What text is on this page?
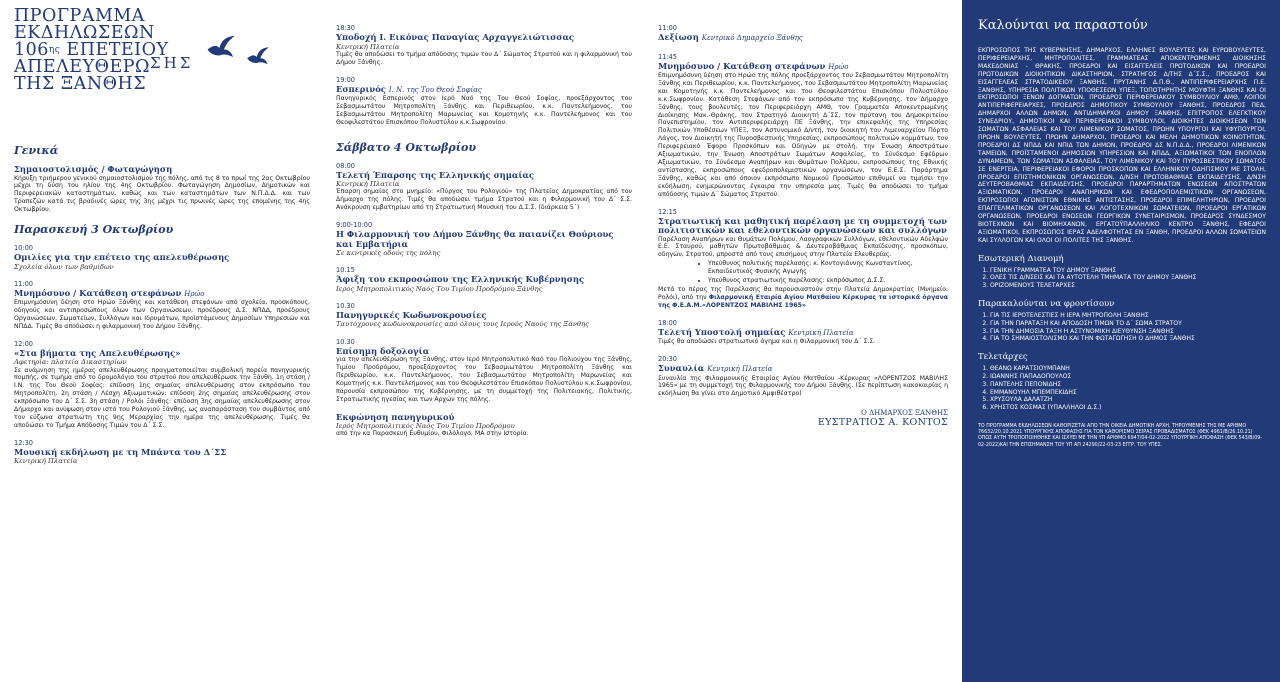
ΠΡΟΓΡΑΜΜΑ
ΕΚΔΗΛΩΣΕΩΝ
$106^{\eta\varsigma}$ ΕΠΕΤΕΙΟΥ
ΑΠΕΛΕΥΘΕΡΩΣΗΣ
ΤΗΣ ΞΑΝΘΗΣ
Γενικά
Σημαιοστολισμός / Φωταγώγηση
Κήρυξη τριήμερου γενικού σημαιοστολισμού της πόλης, από τις 8 το πρωί της 2ας Οκτωβρίου μέχρι τη δύση του ηλίου της 4ης Οκτωβρίου. Φωταγώγηση Δημοσίων, Δημοτικών και Περιφερειακών καταστημάτων, καθώς και των καταστημάτων των Ν.Π.Δ.Δ. και των Τραπεζών κατά τις βραδινές ώρες της 3ης μέχρι τις πρωινές ώρες της επομένης της 4ης Οκτωβρίου.
Παρασκευή 3 Οκτωβρίου
10:00
Ομιλίες για την επέτειο της απελευθέρωσης
Σχολεία όλων των βαθμίδων
11:00
Μνημόσυνο / Κατάθεση στεφάνων Ηρώο
Επιμνημόσυνη δέηση στο Ηρώο Ξάνθης και κατάθεση στεφάνων από σχολεία, προσκόπους, οδηγούς και αντιπροσώπους όλων των Οργανώσεων, προέδρους Δ.Σ. ΝΠΔΔ, προέδρους Οργανώσεων, Σωματείων, Συλλόγων και Ιδρυμάτων, προϊστάμενους Δημοσίων Υπηρεσιών και ΝΠΔΔ. Τιμές θα αποδώσει η φιλαρμονική του Δήμου Ξάνθης.
12:00
«Στα βήματα της Απελευθέρωσης»
Αφετηρία: πλατεία Δικαστηρίων
Σε ανάμνηση της ημέρας απελευθέρωσης πραγματοποιείται συμβολική πορεία πανηγυρικής πομπής, σε τιμήμα από το δρομολόγιο του στρατού που απελευθέρωσε την Ξάνθη. 1η στάση / Ι.Ν. της Του Θεού Σοφίας: επίδοση 1ης σημαίας απελευθέρωσης στον εκπρόσωπο του Μητροπολίτη. 2η στάση / Λέσχη Αξιωματικών: επίδοση 2ης σημαίας απελευθέρωσης στον εκπρόσωπο του Δ΄ Σ.Σ. 3η στάση / Ρολόι Ξάνθης: επίδοση 3ης σημαίας απελευθέρωσης στον Δήμαρχο και ανύψωση στον ιστό του Ρολογιού Ξάνθης, ως αναπαράσταση του συμβάντος από τον εύζωνα στρατιώτη της 9ης Μεραρχίας την ημέρα της απελευθέρωσης. Τιμές θα αποδώσει το Τμήμα Απόδοσης Τιμών του Δ΄ Σ.Σ.
12:30
Μουσική εκδήλωση με τη Μπάντα του Δ΄ΣΣ
Κεντρική Πλατεία
18:30
Υποδοχή Ι. Εικόνας Παναγίας Αρχαγγελιώτισσας
Κεντρική Πλατεία
Τιμές θα αποδώσει το τμήμα απόδοσης τιμών του Δ΄ Σώματος Στρατού και η φιλαρμονική του Δήμου Ξάνθης.
19:00
Εσπερινός Ι. Ν. της Του Θεού Σοφίας
Πανηγυρικός Εσπερινός στον Ιερό Ναό της Του Θεού Σοφίας, προεξάρχοντος του Σεβασμιωτάτου Μητροπολίτη Ξάνθης και Περιθεωρίου, κ.κ. Παντελεήμονος, του Σεβασμιωτάτου Μητροπολίτη Μαρωνείας και Κομοτηνής κ.κ. Παντελεήμονος και του Θεοφιλεστάτου Επισκόπου Πολυστύλου κ.κ.Σωφρονίου.
Σάββατο 4 Οκτωβρίου
08:00
Τελετή Έπαρσης της Ελληνικής σημαίας
Κεντρική Πλατεία
Έπαρση σημαίας στο μνημείο: «Πύργος του Ρολογιού» της Πλατείας Δημοκρατίας από τον Δήμαρχο της πόλης. Τιμές θα αποδώσει τμήμα Στρατού και η Φιλαρμονική του Δ΄ Σ.Σ. Ανάκρουση εμβατηρίων από τη Στρατιωτική Μουσική του Δ.Σ.Σ. (διάρκεια 5΄)
9:00-10:00
Η Φιλαρμονική του Δήμου Ξάνθης θα παιανίζει Θούριους και Εμβατήρια
Σε κεντρικές οδούς της πόλης
10.15
Άφιξη του εκπροσώπου της Ελληνικής Κυβέρνησης
Ιερός Μητροπολιτικός Ναός Του Τιμίου Προδρόμου Ξάνθης
10.30
Πανηγυρικές Κωδωνοκρουσίες
Ταυτόχρονες κωδωνοκρουσίες από όλους τους Ιερούς Ναούς της Ξάνθης
10.30
Επίσημη δοξολογία
για την απελευθέρωση της Ξάνθης, στον Ιερό Μητροπολιτικό Ναό του Πολιούχου της Ξάνθης, Τιμίου Προδρόμου, προεξάρχοντος του Σεβασμιωτάτου Μητροπολίτη Ξάνθης και Περιθεωρίου, κ.κ. Παντελεήμονος, του Σεβασμιωτάτου Μητροπολίτη Μαρωνείας και Κομοτηνής κ.κ. Παντελεήμονος και του Θεοφιλεστάτου Επισκόπου Πολυστύλου κ.κ.Σωφρονίου, παρουσία εκπροσώπου της Κυβέρνησης, με τη συμμετοχή της Πολιτειακής, Πολιτικής, Στρατιωτικής ηγεσίας και των Αρχών της πόλης.
Εκφώνηση πανηγυρικού
Ιερός Μητροπολιτικός Ναός Του Τιμίου Προδρόμου
από την κα Παρασκευή Ευθυμίου, Φιλόλογο, ΜΑ στην Ιστορία.
11:00
Δεξίωση Κεντρικό Δημαρχείο Ξάνθης
11:45
Μνημόσυνο / Κατάθεση στεφάνων Ηρώο
Επιμνημόσυνη δέηση στο Ηρώο της πόλης προεξάρχοντος του Σεβασμιωτάτου Μητροπολίτη Ξάνθης και Περιθεωρίου, κ.κ. Παντελεήμονος, του Σεβασμιωτάτου Μητροπολίτη Μαρωνείας και Κομοτηνής κ.κ. Παντελεήμονος και του Θεοφιλεστάτου Επισκόπου Πολυστύλου κ.κ.Σωφρονίου. Κατάθεση Στεφάνων από τον εκπρόσωπο της Κυβέρνησης, τον Δήμαρχο Ξάνθης, τους βουλευτές, τον Περιφερειάρχη ΑΜΘ, τον Γραμματέα Αποκεντρωμένης Διοίκησης Μακ.-Θράκης, τον Στρατηγό Διοικητή Δ΄ΣΣ, τον πρύτανη του Δημοκριτείου Πανεπιστημίου, τον Αντιπεριφερειάρχη ΠΕ Ξάνθης, την επικεφαλής της Υπηρεσίας Πολιτικών Υποθέσεων ΥΠΕΞ, τον Αστυνομικό Δ/ντή, τον διοικητή του Λιμεναρχείου Πόρτο Λάγος, τον Διοικητή της Πυροσβεστικής Υπηρεσίας, εκπροσώπους πολιτικών κομμάτων, τον Περιφερειακό Έφορο Προσκόπων και Οδηγών με στολή, την Ένωση Αποστράτων Αξιωματικών, την Ένωση Αποστράτων Σωμάτων Ασφαλείας, το Σύνδεσμο Εφέδρων Αξιωματικών, το Σύνδεσμο Αναπήρων και Θυμάτων Πολέμου, εκπροσώπους της Εθνικής αντίστασης, εκπροσώπους εφεδροπολεμιστικών οργανώσεων, τον Ε.Ε.Σ. Παράρτημα Ξάνθης, καθώς και από όποιον εκπρόσωπο Νομικού Προσώπου επιθυμεί να τιμήσει την εκδήλωση, ενημερώνοντας έγκαιρα την υπηρεσία μας. Τιμές θα αποδώσει το τμήμα απόδοσης τιμών Δ΄ Σώματος Στρατού.
12:15
Στρατιωτική και μαθητική παρέλαση με τη συμμετοχή των πολιτιστικών και εθελοντικών οργανώσεων και συλλόγων
Παρέλαση Αναπήρων και Θυμάτων Πολέμου, Λαογραφικών Συλλόγων, εθελοντικών Αδελφών Ε.Ε. Σταυρού, μαθητών Πρωτοβάθμιας & Δευτεροβάθμιας Εκπαίδευσης, προσκόπων, οδηγών, Στρατού, μπροστά από τους επισήμους στην Πλατεία Ελευθερίας.
• Υπεύθυνος πολιτικής παρέλασης: κ. Κοντογιάννης Κωνσταντίνος, Εκπαιδευτικός Φυσικής Αγωγής
• Υπεύθυνος στρατιωτικής παρέλασης: εκπρόσωπος Δ.Σ.Σ.
Μετά το πέρας της Παρέλασης θα παρουσιαστούν στην Πλατεία Δημοκρατίας (Μνημείο: Ρολόι), από την Φιλαρμονική Εταιρία Αγίου Ματθαίου Κέρκυρας τα ιστορικά όργανα της Φ.Ε.Α.Μ.«ΛΟΡΕΝΤΖΟΣ ΜΑΒΙΛΗΣ 1965»
18:00
Τελετή Υποστολή σημαίας Κεντρική Πλατεία
Τιμές θα αποδώσει στρατιωτικό άγημα και η Φιλαρμονική του Δ΄ Σ.Σ.
20:30
Συναυλία Κεντρική Πλατεία
Συναυλία της Φιλαρμονικής Εταιρίας Αγίου Ματθαίου -Κέρκυρας «ΛΟΡΕΝΤΖΟΣ ΜΑΒΙΛΗΣ 1965» με τη συμμετοχή της Φιλαρμονικής του Δήμου Ξάνθης. (Σε περίπτωση κακοκαιρίας η εκδήλωση θα γίνει στο Δημοτικό Αμφιθέατρο)
Ο ΔΗΜΑΡΧΟΣ ΞΑΝΘΗΣ
ΕΥΣΤΡΑΤΙΟΣ Α. ΚΟΝΤΟΣ
Καλούνται να παραστούν
ΕΚΠΡΟΣΩΠΟΣ ΤΗΣ ΚΥΒΕΡΝΗΣΗΣ, ΔΗΜΑΡΧΟΣ, ΕΛΛΗΝΕΣ ΒΟΥΛΕΥΤΕΣ ΚΑΙ ΕΥΡΩΒΟΥΛΕΥΤΕΣ, ΠΕΡΙΦΕΡΕΙΑΡΧΗΣ, ΜΗΤΡΟΠΟΛΙΤΕΣ, ΓΡΑΜΜΑΤΕΑΣ ΑΠΟΚΕΝΤΡΩΜΕΝΗΣ ΔΙΟΙΚΗΣΗΣ ΜΑΚΕΔΟΝΙΑΣ - ΘΡΑΚΗΣ, ΠΡΟΕΔΡΟΙ ΚΑΙ ΕΙΣΑΓΓΕΛΕΙΣ ΠΡΩΤΟΔΙΚΩΝ ΚΑΙ ΠΡΟΕΔΡΟΙ ΠΡΩΤΟΔΙΚΩΝ ΔΙΟΙΚΗΤΙΚΩΝ ΔΙΚΑΣΤΗΡΙΩΝ, ΣΤΡΑΤΗΓΟΣ Δ/ΤΗΣ Δ΄Σ.Σ., ΠΡΟΕΔΡΟΣ ΚΑΙ ΕΙΣΑΓΓΕΛΕΑΣ ΣΤΡΑΤΟΔΙΚΕΙΟΥ ΞΑΝΘΗΣ, ΠΡΥΤΑΝΗΣ Δ.Π.Θ., ΑΝΤΙΠΕΡΙΦΕΡΕΙΑΡΧΗΣ Π.Ε. ΞΑΝΘΗΣ, ΥΠΗΡΕΣΙΑ ΠΟΛΙΤΙΚΩΝ ΥΠΟΘΕΣΕΩΝ ΥΠΕΞ, ΤΟΠΟΤΗΡΗΤΗΣ ΜΟΥΦΤΗ ΞΑΝΘΗΣ ΚΑΙ ΟΙ ΕΚΠΡΟΣΩΠΟΙ ΞΕΝΩΝ ΔΟΓΜΑΤΩΝ, ΠΡΟΕΔΡΟΣ ΠΕΡΙΦΕΡΕΙΑΚΟΥ ΣΥΜΒΟΥΛΙΟΥ ΑΜΘ, ΛΟΙΠΟΙ ΑΝΤΙΠΕΡΙΦΕΡΕΙΑΡΧΕΣ, ΠΡΟΕΔΡΟΣ ΔΗΜΟΤΙΚΟΥ ΣΥΜΒΟΥΛΙΟΥ ΞΑΝΘΗΣ, ΠΡΟΕΔΡΟΣ ΠΕΔ, ΔΗΜΑΡΧΟΙ ΑΛΛΩΝ ΔΗΜΩΝ, ΑΝΤΙΔΗΜΑΡΧΟΙ ΔΗΜΟΥ ΞΑΝΘΗΣ, ΕΠΙΤΡΟΠΟΣ ΕΛΕΓΚΤΙΚΟΥ ΣΥΝΕΔΡΙΟΥ, ΔΗΜΟΤΙΚΟΙ ΚΑΙ ΠΕΡΙΦΕΡΕΙΑΚΟΙ ΣΥΜΒΟΥΛΟΙ, ΔΙΟΙΚΗΤΕΣ ΔΙΟΙΚΗΣΕΩΝ ΤΩΝ ΣΩΜΑΤΩΝ ΑΣΦΑΛΕΙΑΣ ΚΑΙ ΤΟΥ ΛΙΜΕΝΙΚΟΥ ΣΩΜΑΤΟΣ, ΠΡΩΗΝ ΥΠΟΥΡΓΟΙ ΚΑΙ ΥΦΥΠΟΥΡΓΟΙ, ΠΡΩΗΝ ΒΟΥΛΕΥΤΕΣ, ΠΡΩΗΝ ΔΗΜΑΡΧΟΙ, ΠΡΟΕΔΡΟΙ ΚΑΙ ΜΕΛΗ ΔΗΜΟΤΙΚΩΝ ΚΟΙΝΟΤΗΤΩΝ, ΠΡΟΕΔΡΟΙ ΔΣ ΝΠΔΔ ΚΑΙ ΝΠΙΔ ΤΩΝ ΔΗΜΩΝ, ΠΡΟΕΔΡΟΙ ΔΣ Ν.Π.Δ.Δ., ΠΡΟΕΔΡΟΙ ΛΙΜΕΝΙΚΩΝ ΤΑΜΕΙΩΝ, ΠΡΟΪΣΤΑΜΕΝΟΙ ΔΗΜΟΣΙΩΝ ΥΠΗΡΕΣΙΩΝ ΚΑΙ ΝΠΔΔ, ΑΞΙΩΜΑΤΙΚΟΙ ΤΩΝ ΕΝΟΠΛΩΝ ΔΥΝΑΜΕΩΝ, ΤΩΝ ΣΩΜΑΤΩΝ ΑΣΦΑΛΕΙΑΣ, ΤΟΥ ΛΙΜΕΝΙΚΟΥ ΚΑΙ ΤΟΥ ΠΥΡΟΣΒΕΣΤΙΚΟΥ ΣΩΜΑΤΟΣ ΣΕ ΕΝΕΡΓΕΙΑ, ΠΕΡΙΦΕΡΕΙΑΚΟΙ ΕΦΟΡΟΙ ΠΡΟΣΚΟΠΩΝ ΚΑΙ ΕΛΛΗΝΙΚΟΥ ΟΔΗΓΙΣΜΟΥ ΜΕ ΣΤΟΛΗ, ΠΡΟΕΔΡΟΙ ΕΠΙΣΤΗΜΟΝΙΚΩΝ ΟΡΓΑΝΩΣΕΩΝ, Δ/ΝΣΗ ΠΡΩΤΟΒΑΘΜΙΑΣ ΕΚΠΑΙΔΕΥΣΗΣ, Δ/ΝΣΗ ΔΕΥΤΕΡΟΒΑΘΜΙΑΣ ΕΚΠΑΙΔΕΥΣΗΣ, ΠΡΟΕΔΡΟΙ ΠΑΡΑΡΤΗΜΑΤΩΝ ΕΝΩΣΕΩΝ ΑΠΟΣΤΡΑΤΩΝ ΑΞΙΩΜΑΤΙΚΩΝ, ΠΡΟΕΔΡΟΙ ΑΝΑΠΗΡΙΚΩΝ ΚΑΙ ΕΦΕΔΡΟΠΟΛΕΜΙΣΤΙΚΩΝ ΟΡΓΑΝΩΣΕΩΝ, ΕΚΠΡΟΣΩΠΟΙ ΑΓΩΝΙΣΤΩΝ ΕΘΝΙΚΗΣ ΑΝΤΙΣΤΑΣΗΣ, ΠΡΟΕΔΡΟΙ ΕΠΙΜΕΛΗΤΗΡΙΩΝ, ΠΡΟΕΔΡΟΙ ΕΠΑΓΓΕΛΜΑΤΙΚΩΝ ΟΡΓΑΝΩΣΕΩΝ ΚΑΙ ΛΟΓΟΤΕΧΝΙΚΩΝ ΣΩΜΑΤΕΙΩΝ, ΠΡΟΕΔΡΟΙ ΕΡΓΑΤΙΚΩΝ ΟΡΓΑΝΩΣΕΩΝ, ΠΡΟΕΔΡΟΙ ΕΝΩΣΕΩΝ ΓΕΩΡΓΙΚΩΝ ΣΥΝΕΤΑΙΡΙΣΜΩΝ, ΠΡΟΕΔΡΟΣ ΣΥΝΔΕΣΜΟΥ ΒΙΟΤΕΧΝΩΝ ΚΑΙ ΒΙΟΜΗΧΑΝΩΝ, ΕΡΓΑΤΟΫΠΑΛΛΗΛΙΚΟ ΚΕΝΤΡΟ ΞΑΝΘΗΣ, ΕΦΕΔΡΟΙ ΑΞΙΩΜΑΤΙΚΟΙ, ΕΚΠΡΟΣΩΠΟΣ ΙΕΡΑΣ ΑΔΕΛΦΟΤΗΤΑΣ ΕΝ ΞΑΝΘΗ, ΠΡΟΕΔΡΟΙ ΑΛΛΩΝ ΣΩΜΑΤΕΙΩΝ ΚΑΙ ΣΥΛΛΟΓΩΝ ΚΑΙ ΟΛΟΙ ΟΙ ΠΟΛΙΤΕΣ ΤΗΣ ΞΑΝΘΗΣ.
Εσωτερική Διανομή
1. ΓΕΝΙΚΗ ΓΡΑΜΜΑΤΕΑ ΤΟΥ ΔΗΜΟΥ ΞΑΝΘΗΣ
2. ΟΛΕΣ ΤΙΣ Δ/ΝΣΕΙΣ ΚΑΙ ΤΑ ΑΥΤΟΤΕΛΗ ΤΜΗΜΑΤΑ ΤΟΥ ΔΗΜΟΥ ΞΑΝΘΗΣ
3. ΟΡΙΖΟΜΕΝΟΥΣ ΤΕΛΕΤΑΡΧΕΣ
Παρακαλούνται να φροντίσουν
1. ΓΙΑ ΤΙΣ ΙΕΡΟΤΕΛΕΣΤΙΕΣ Η ΙΕΡΑ ΜΗΤΡΟΠΟΛΗ ΞΑΝΘΗΣ
2. ΓΙΑ ΤΗΝ ΠΑΡΑΤΑΞΗ ΚΑΙ ΑΠΟΔΟΣΗ ΤΙΜΩΝ ΤΟ Δ΄ ΣΩΜΑ ΣΤΡΑΤΟΥ
3. ΓΙΑ ΤΗΝ ΔΗΜΟΣΙΑ ΤΑΞΗ Η ΑΣΤΥΝΟΜΙΚΗ ΔΙΕΥΘΥΝΣΗ ΞΑΝΘΗΣ
4. ΓΙΑ ΤΟ ΣΗΜΑΙΟΣΤΟΛΙΣΜΟ ΚΑΙ ΤΗΝ ΦΩΤΑΓΩΓΗΣΗ Ο ΔΗΜΟΣ ΞΑΝΘΗΣ
Τελετάρχες
1. ΘΕΑΝΩ ΚΑΡΑΤΣΙΟΥΜΠΑΝΗ
2. ΙΩΑΝΝΗΣ ΠΑΠΑΔΟΠΟΥΛΟΣ
3. ΠΑΝΤΕΛΗΣ ΠΕΠΟΝΙΔΗΣ
4. ΕΜΜΑΝΟΥΗΛ ΜΠΕΜΠΕΚΙΔΗΣ
5. ΧΡΥΣΟΥΛΑ ΔΑΛΑΤΖΗ
6. ΧΡΗΣΤΟΣ ΚΟΣΜΑΣ (ΥΠΑΛΛΗΛΟΙ Δ.Σ.)
ΤΟ ΠΡΟΓΡΑΜΜΑ ΕΚΔΗΛΩΣΕΩΝ ΚΑΘΟΡΙΖΕΤΑΙ ΑΠΟ ΤΗΝ ΟΙΚΕΙΑ ΔΗΜΟΤΙΚΗ ΑΡΧΗ, ΤΗΡΟΥΜΕΝΗΣ ΤΗΣ ΜΕ ΑΡΙΘΜΟ 76632/20.10.2021 ΥΠΟΥΡΓΙΚΗΣ ΑΠΟΦΑΣΗΣ ΓΙΑ ΤΟΝ ΚΑΘΟΡΙΣΜΟ ΣΕΙΡΑΣ ΠΡΟΒΑΔΙΣΜΑΤΟΣ (ΦΕΚ 4961/Β/26.10.21) ΟΠΩΣ ΑΥΤΗ ΤΡΟΠΟΠΟΙΗΘΗΚΕ ΚΑΙ ΙΣΧΥΕΙ ΜΕ ΤΗΝ ΥΠ ΑΡΙΘΜΟ 6947/04-02-2022 ΥΠΟΥΡΓΙΚΗ ΑΠΟΦΑΣΗ (ΦΕΚ 543/Β/09-02-2022)ΚΑΙ ΤΗΝ ΕΠΙΣΗΜΑΝΣΗ ΤΟΥ ΥΠ ΑΠ 24290/22-03-23 ΕΓΓΡ. ΤΟΥ ΥΠΕΣ.
